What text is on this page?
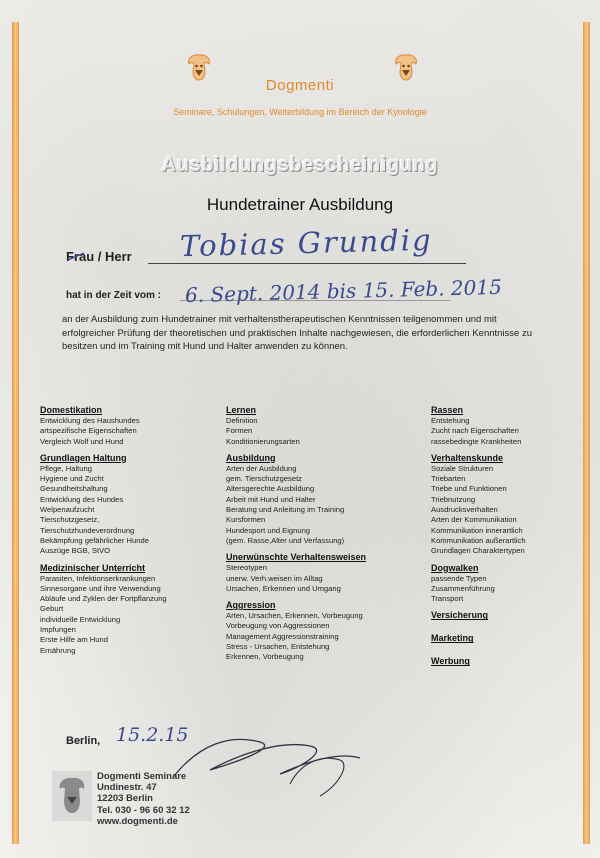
Dogmenti
Seminare, Schulungen, Weiterbildung im Bereich der Kynologie
Ausbildungsbescheinigung
Hundetrainer Ausbildung
Frau / Herr Tobias Grundig
hat in der Zeit vom : 6. Sept. 2014 bis 15. Feb. 2015
an der Ausbildung zum Hundetrainer mit verhaltenstherapeutischen Kenntnissen teilgenommen und mit erfolgreicher Prüfung der theoretischen und praktischen Inhalte nachgewiesen, die erforderlichen Kenntnisse zu besitzen und im Training mit Hund und Halter anwenden zu können.
Domestikation
Entwicklung des Haushundes
artspezifische Eigenschaften
Vergleich Wolf und Hund
Grundlagen Haltung
Pflege, Haltung
Hygiene und Zucht
Gesundheitshaltung
Entwicklung des Hundes
Welpenaufzucht
Tierschutzgesetz,
Tierschutzhundeverordnung
Bekämpfung gefährlicher Hunde
Auszüge BGB, StVO
Medizinischer Unterricht
Parasiten, Infektionserkrankungen
Sinnesorgane und ihre Verwendung
Abläufe und Zyklen der Fortpflanzung
Geburt
individuelle Entwicklung
Impfungen
Erste Hilfe am Hund
Ernährung
Lernen
Definition
Formen
Konditionierungsarten
Ausbildung
Arten der Ausbildung
gem. Tierschutzgesetz
Altersgerechte Ausbildung
Arbeit mit Hund und Halter
Beratung und Anleitung im Training
Kursformen
Hundesport und Eignung
(gem. Rasse,Alter und Verfassung)
Unerwünschte Verhaltensweisen
Stereotypen
unerw. Verh.weisen im Alltag
Ursachen, Erkennen und Umgang
Aggression
Arten, Ursachen, Erkennen, Vorbeugung
Vorbeugung von Aggressionen
Management Aggressionstraining
Stress - Ursachen, Entstehung
Erkennen, Vorbeugung
Rassen
Entstehung
Zucht nach Eigenschaften
rassebedingte Krankheiten
Verhaltenskunde
Soziale Strukturen
Triebarten
Triebe und Funktionen
Triebnutzung
Ausdrucksverhalten
Arten der Kommunikation
Kommunikation innerartlich
Kommunikation außerartlich
Grundlagen Charaktertypen
Dogwalken
passende Typen
Zusammenführung
Transport
Versicherung
Marketing
Werbung
Berlin, 15.2.15
Dogmenti Seminare
Undinestr. 47
12203 Berlin
Tel. 030 - 96 60 32 12
www.dogmenti.de
